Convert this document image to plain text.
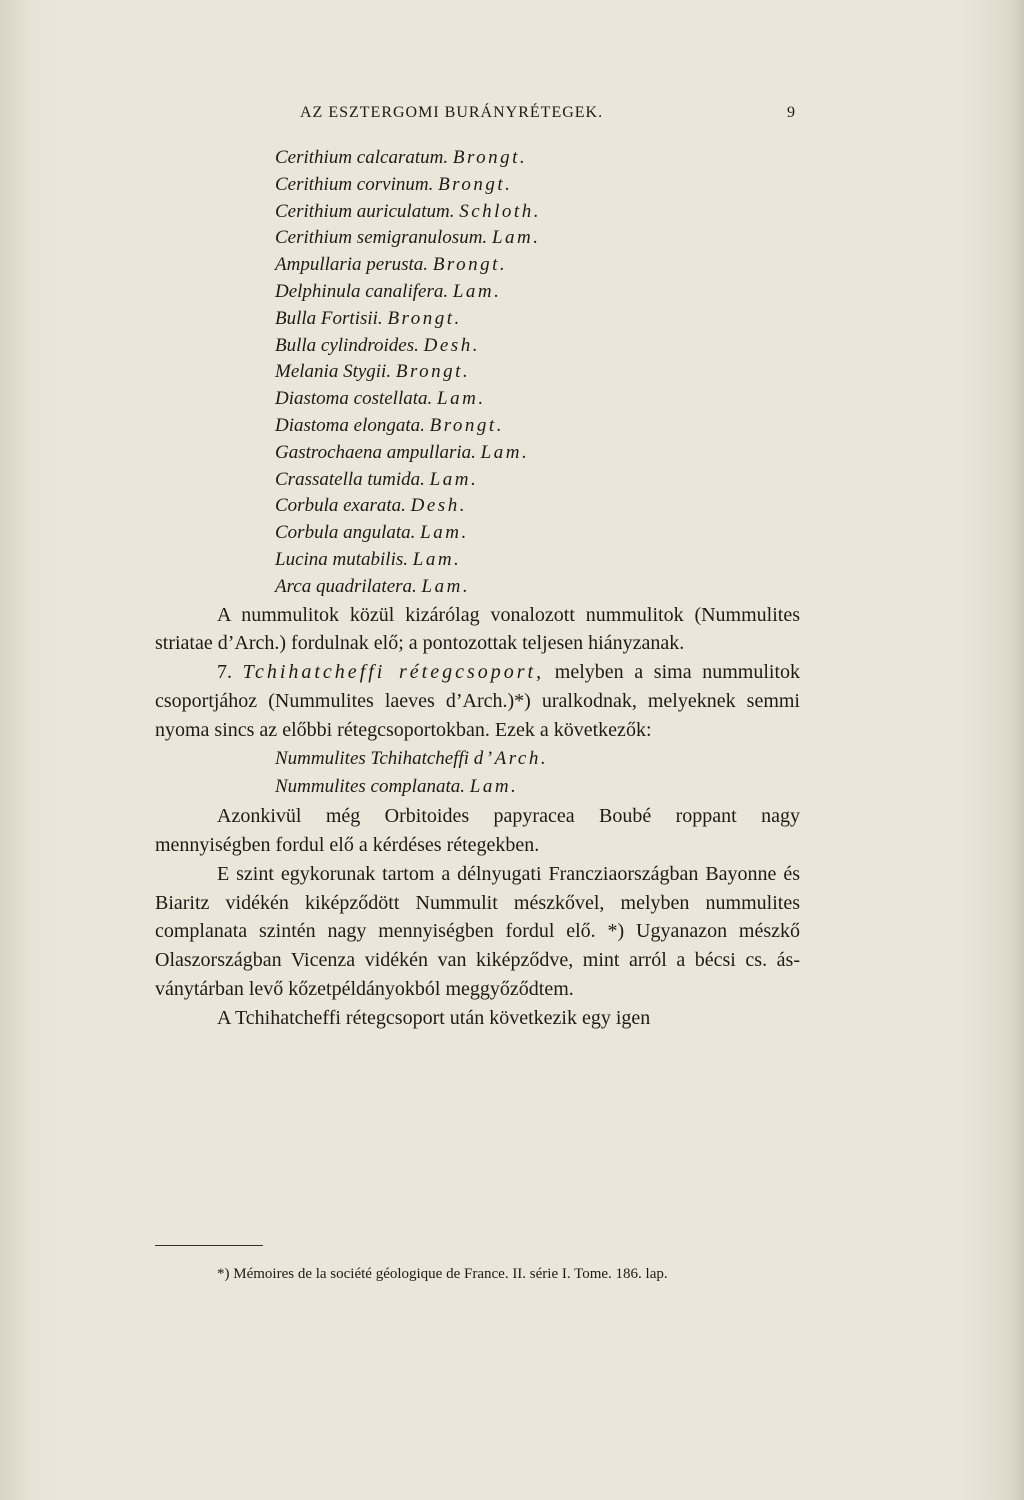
AZ ESZTERGOMI BURÁNYRÉTEGEK.	9
Cerithium calcaratum. Brongt.
Cerithium corvinum. Brongt.
Cerithium auriculatum. Schloth.
Cerithium semigranulosum. Lam.
Ampullaria perusta. Brongt.
Delphinula canalifera. Lam.
Bulla Fortisii. Brongt.
Bulla cylindroides. Desh.
Melania Stygii. Brongt.
Diastoma costellata. Lam.
Diastoma elongata. Brongt.
Gastrochaena ampullaria. Lam.
Crassatella tumida. Lam.
Corbula exarata. Desh.
Corbula angulata. Lam.
Lucina mutabilis. Lam.
Arca quadrilatera. Lam.

A nummulitok közül kizárólag vonalozott nummulitok (Nummulites striatae d’Arch.) fordulnak elő; a pontozottak teljesen hiányzanak.

7. Tchihatcheffi rétegcsoport, melyben a sima nummulitok csoportjához (Nummulites laeves d’Arch.)*) uralkodnak, melyeknek semmi nyoma sincs az előbbi rétegcsoportokban. Ezek a következők:

Nummulites Tchihatcheffi d’Arch.
Nummulites complanata. Lam.

Azonkivül még Orbitoides papyracea Boubé roppant nagy mennyiségben fordul elő a kérdéses rétegekben.

E szint egykorunak tartom a délnyugati Francziaországban Bayonne és Biaritz vidékén kiképződött Nummulit mészkővel, melyben nummulites complanata szintén nagy mennyiségben fordul elő. *) Ugyanazon mészkő Olaszországban Vicenza vidékén van kiképződve, mint arról a bécsi cs. ásványtárban levő kőzetpéldányokból meggyőződtem.

A Tchihatcheffi rétegcsoport után következik egy igen

*) Mémoires de la société géologique de France. II. série I. Tome. 186. lap.
